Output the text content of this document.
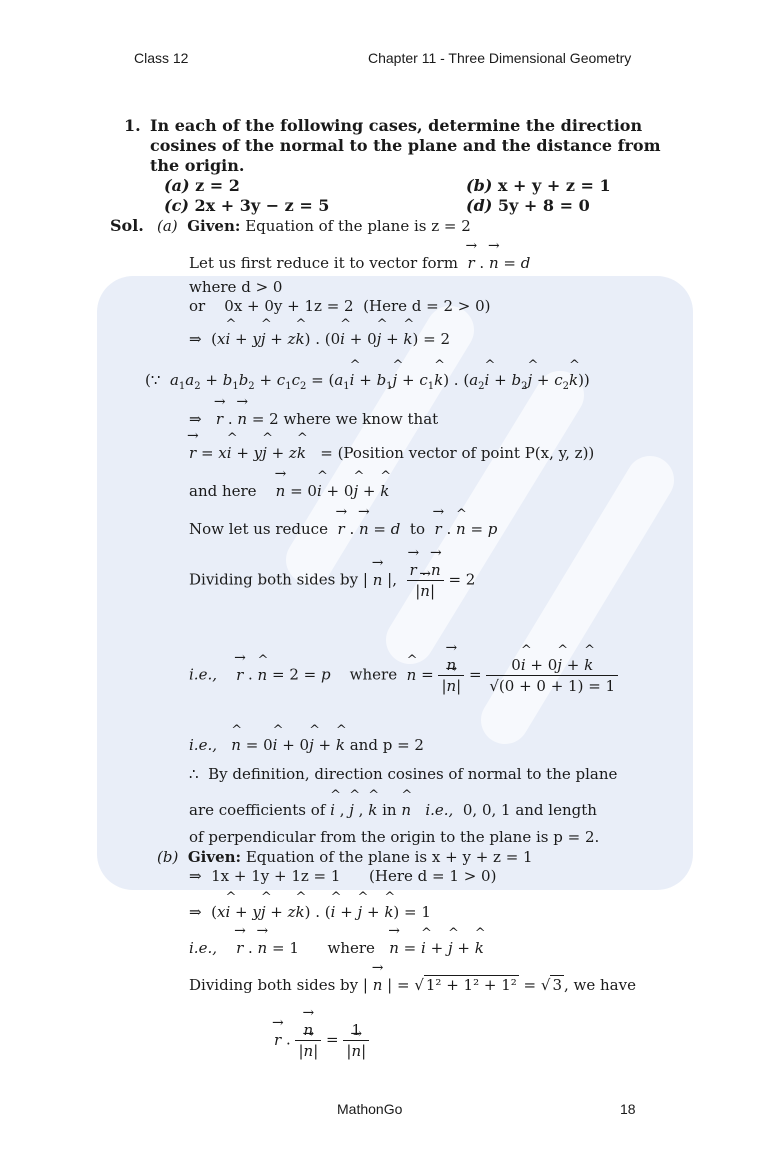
Class 12	Chapter 11 - Three Dimensional Geometry
1. In each of the following cases, determine the direction
cosines of the normal to the plane and the distance from
the origin.
(a) z = 2	(b) x + y + z = 1
(c) 2x + 3y − z = 5	(d) 5y + 8 = 0
Sol. (a) Given: Equation of the plane is z = 2
Let us first reduce it to vector form → r . → n = d
where d > 0
or 0x + 0y + 1z = 2 (Here d = 2 > 0)
⇒  (x^ i + y^ j + z^ k) . (0^ i + 0^ j + ^ k) = 2
(∵  $a_1a_2 + b_1b_2 + c_1c_2$ = ($a_1\^{}$ $i + b_1\^{}$ $j + c_1\^{}$ k) . ($a_2\^{}$ $i + b_2\^{}$ $j + c_2\^{}$ k))
⇒   → r . → n = 2 where we know that
→ r = x^ i + y^ j + z^ k = (Position vector of point P(x, y, z))
and here → n = 0^ i + 0^ j + ^ k
Now let us reduce → r . → n = d to → r . ^ n = p
Dividing both sides by | → n |, → $\frac{r . \to n}{|\to n|} = 2$
i.e., → r . ^ n = 2 = p where ^ n = → $\frac{n}{|\to n|} = \frac{0\^{} i + 0\^{} j + \^{} k}{√(0 + 0 + 1) = 1}$
i.e., ^ n = 0^ i + 0^ j + ^ k and p = 2
∴ By definition, direction cosines of normal to the plane
are coefficients of ^ i , ^ j , ^ k in ^ n i.e., 0, 0, 1 and length
of perpendicular from the origin to the plane is p = 2.
(b) Given: Equation of the plane is x + y + z = 1
⇒  1x + 1y + 1z = 1 (Here d = 1 > 0)
⇒  (x^ i + y^ j + z^ k) . (^ i + ^ j + ^ k) = 1
i.e., → r . → n = 1      where → n = ^ i + ^ j + ^ k
Dividing both sides by | → n | = √ 1² + 1² + 1² = √ 3 , we have
→ r . → $\frac{n}{|\to n|} = \frac{1}{|\to n|}$
MathonGo	18
